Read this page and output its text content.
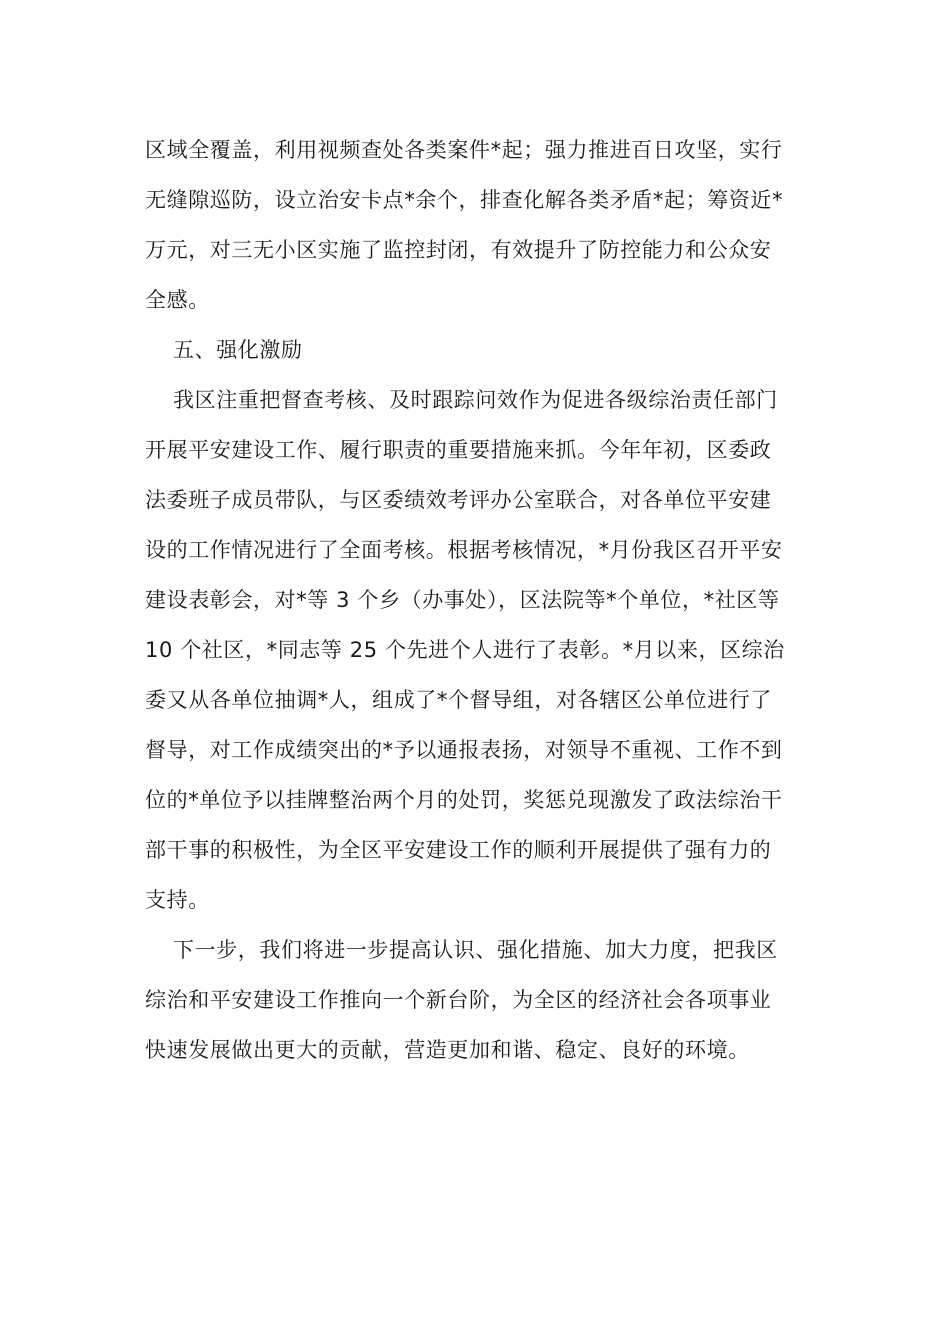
区域全覆盖，利用视频查处各类案件*起；强力推进百日攻坚，实行
无缝隙巡防，设立治安卡点*余个，排查化解各类矛盾*起；筹资近*
万元，对三无小区实施了监控封闭，有效提升了防控能力和公众安
全感。
五、强化激励
我区注重把督查考核、及时跟踪问效作为促进各级综治责任部门
开展平安建设工作、履行职责的重要措施来抓。今年年初，区委政
法委班子成员带队，与区委绩效考评办公室联合，对各单位平安建
设的工作情况进行了全面考核。根据考核情况，*月份我区召开平安
建设表彰会，对*等 3 个乡（办事处），区法院等*个单位，*社区等
10 个社区，*同志等 25 个先进个人进行了表彰。*月以来，区综治
委又从各单位抽调*人，组成了*个督导组，对各辖区公单位进行了
督导，对工作成绩突出的*予以通报表扬，对领导不重视、工作不到
位的*单位予以挂牌整治两个月的处罚，奖惩兑现激发了政法综治干
部干事的积极性，为全区平安建设工作的顺利开展提供了强有力的
支持。
下一步，我们将进一步提高认识、强化措施、加大力度，把我区
综治和平安建设工作推向一个新台阶，为全区的经济社会各项事业
快速发展做出更大的贡献，营造更加和谐、稳定、良好的环境。
